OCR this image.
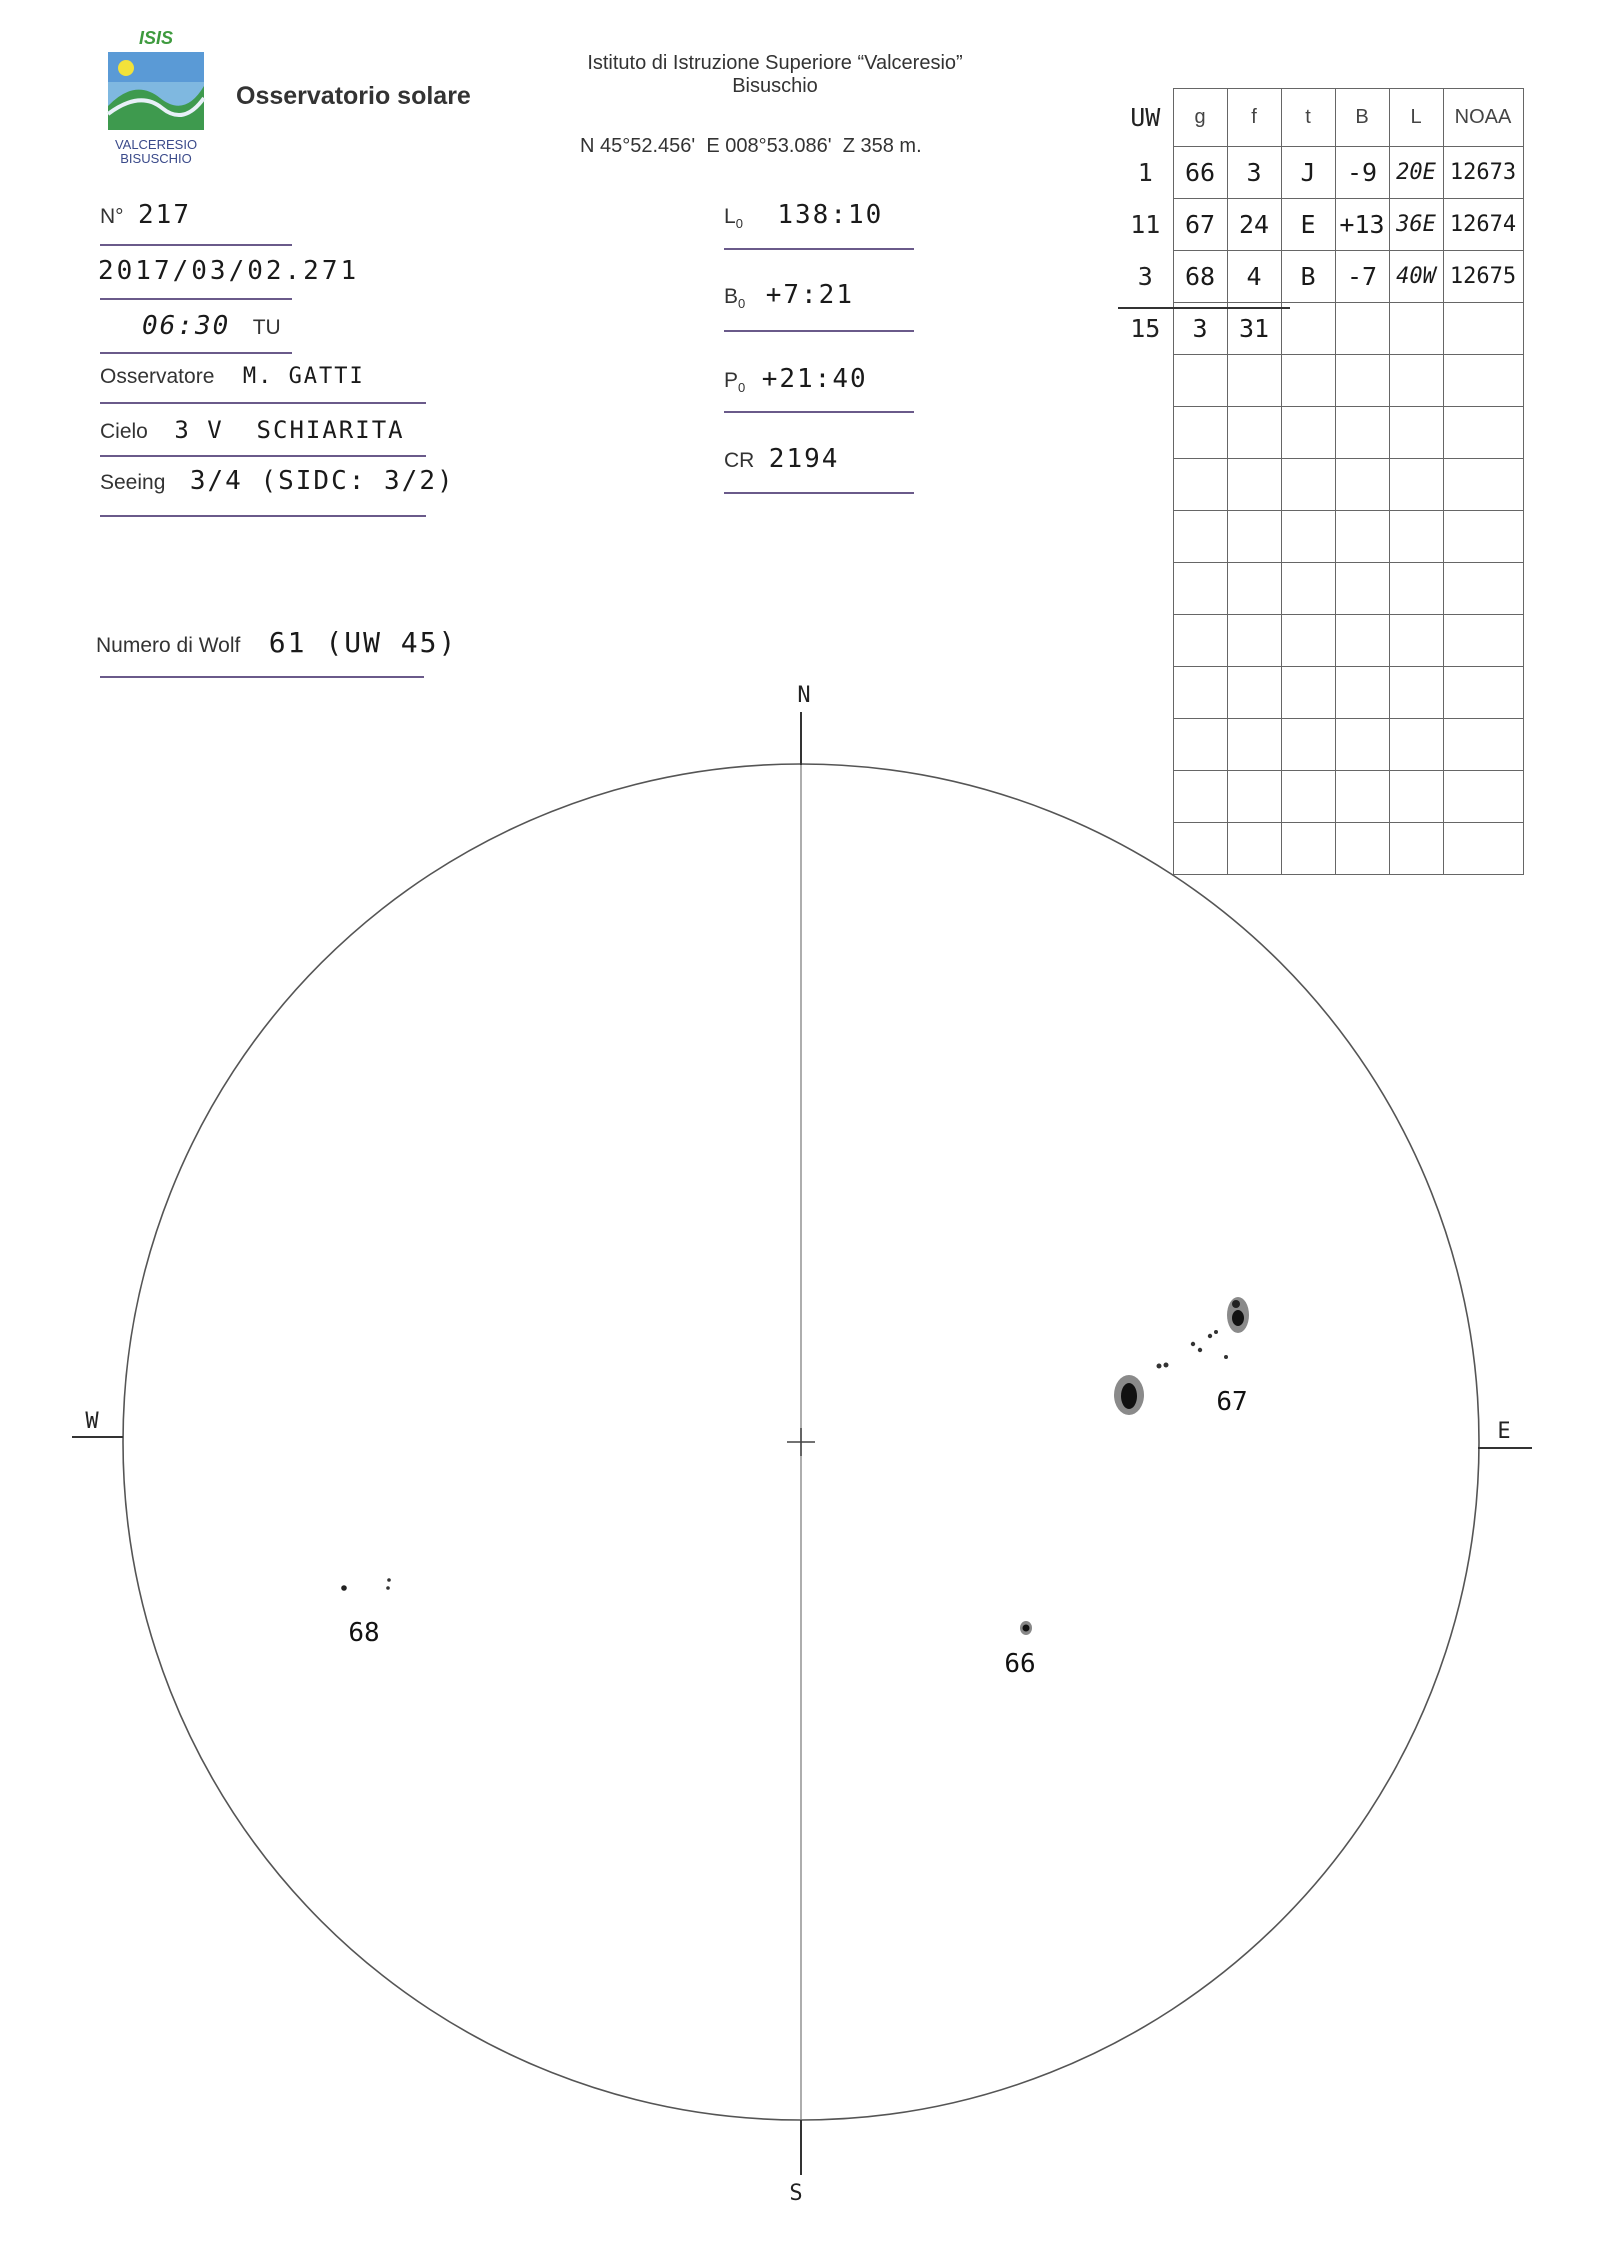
ISIS
VALCERESIO
BISUSCHIO
Osservatorio solare
Istituto di Istruzione Superiore “Valceresio”
Bisuschio
N 45°52.456'  E 008°53.086'  Z 358 m.
N° 217
2017/03/02.271
06:30 TU
Osservatore M. GATTI
Cielo 3 V  SCHIARITA
Seeing 3/4 (SIDC: 3/2)
Numero di Wolf 61 (UW 45)
$L_0$ 138:10
$B_0$ +7:21
$P_0$ +21:40
CR 2194
UW	g	f	t	B	L	NOAA
1	66	3	J	-9	20E	12673
11	67	24	E	+13	36E	12674
3	68	4	B	-7	40W	12675
15	3	31				

N
S
W	E
67
66
68
